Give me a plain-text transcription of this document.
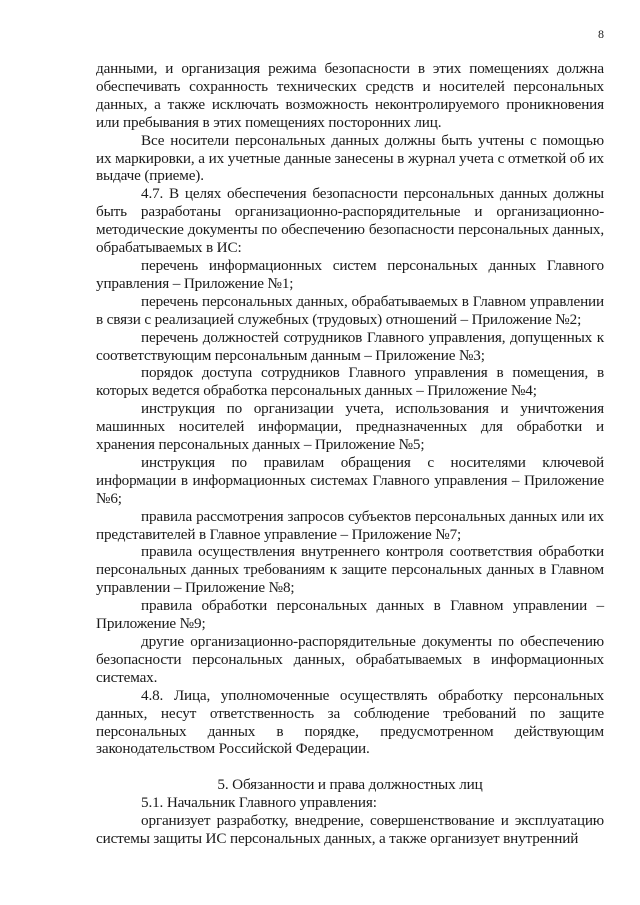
8

данными, и организация режима безопасности в этих помещениях должна обеспечивать сохранность технических средств и носителей персональных данных, а также исключать возможность неконтролируемого проникновения или пребывания в этих помещениях посторонних лиц.

Все носители персональных данных должны быть учтены с помощью их маркировки, а их учетные данные занесены в журнал учета с отметкой об их выдаче (приеме).

4.7. В целях обеспечения безопасности персональных данных должны быть разработаны организационно-распорядительные и организационно-методические документы по обеспечению безопасности персональных данных, обрабатываемых в ИС:

перечень информационных систем персональных данных Главного управления – Приложение №1;

перечень персональных данных, обрабатываемых в Главном управлении в связи с реализацией служебных (трудовых) отношений – Приложение №2;

перечень должностей сотрудников Главного управления, допущенных к соответствующим персональным данным – Приложение №3;

порядок доступа сотрудников Главного управления в помещения, в которых ведется обработка персональных данных – Приложение №4;

инструкция по организации учета, использования и уничтожения машинных носителей информации, предназначенных для обработки и хранения персональных данных – Приложение №5;

инструкция по правилам обращения с носителями ключевой информации в информационных системах Главного управления – Приложение №6;

правила рассмотрения запросов субъектов персональных данных или их представителей в Главное управление – Приложение №7;

правила осуществления внутреннего контроля соответствия обработки персональных данных требованиям к защите персональных данных в Главном управлении – Приложение №8;

правила обработки персональных данных в Главном управлении – Приложение №9;

другие организационно-распорядительные документы по обеспечению безопасности персональных данных, обрабатываемых в информационных системах.

4.8. Лица, уполномоченные осуществлять обработку персональных данных, несут ответственность за соблюдение требований по защите персональных данных в порядке, предусмотренном действующим законодательством Российской Федерации.

5. Обязанности и права должностных лиц

5.1. Начальник Главного управления:

организует разработку, внедрение, совершенствование и эксплуатацию системы защиты ИС персональных данных, а также организует внутренний
